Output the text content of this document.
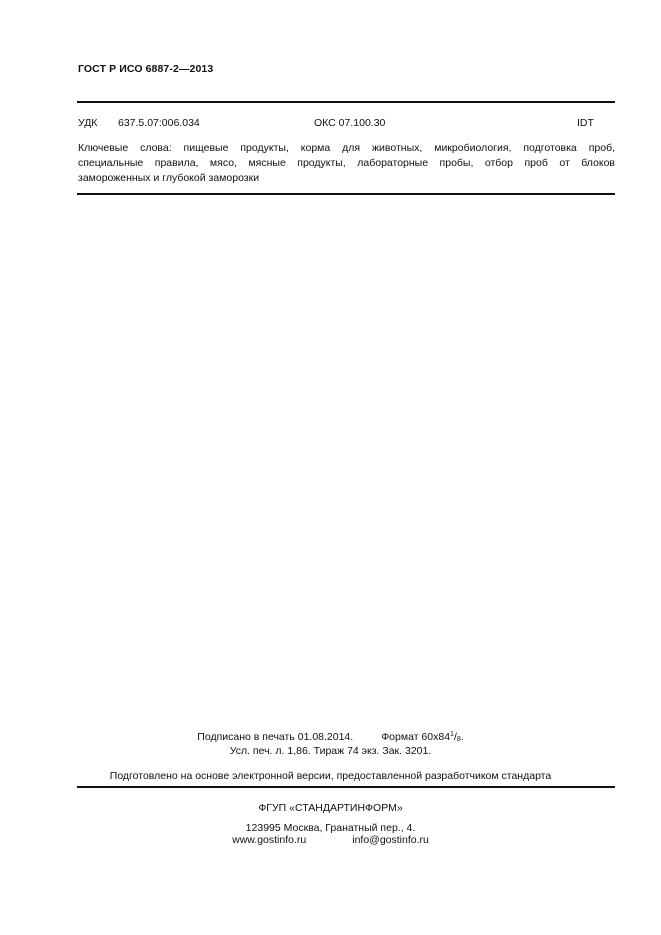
ГОСТ Р ИСО 6887-2—2013
УДК 637.5.07:006.034	ОКС 07.100.30	IDT
Ключевые слова: пищевые продукты, корма для животных, микробиология, подготовка проб,
специальные правила, мясо, мясные продукты, лабораторные пробы, отбор проб от блоков
замороженных и глубокой заморозки
Подписано в печать 01.08.2014.	Формат $60x84^1/_8$.
Усл. печ. л. 1,86. Тираж 74 экз. Зак. 3201.
Подготовлено на основе электронной версии, предоставленной разработчиком стандарта
ФГУП «СТАНДАРТИНФОРМ»
123995 Москва, Гранатный пер., 4.
www.gostinfo.ru	info@gostinfo.ru
